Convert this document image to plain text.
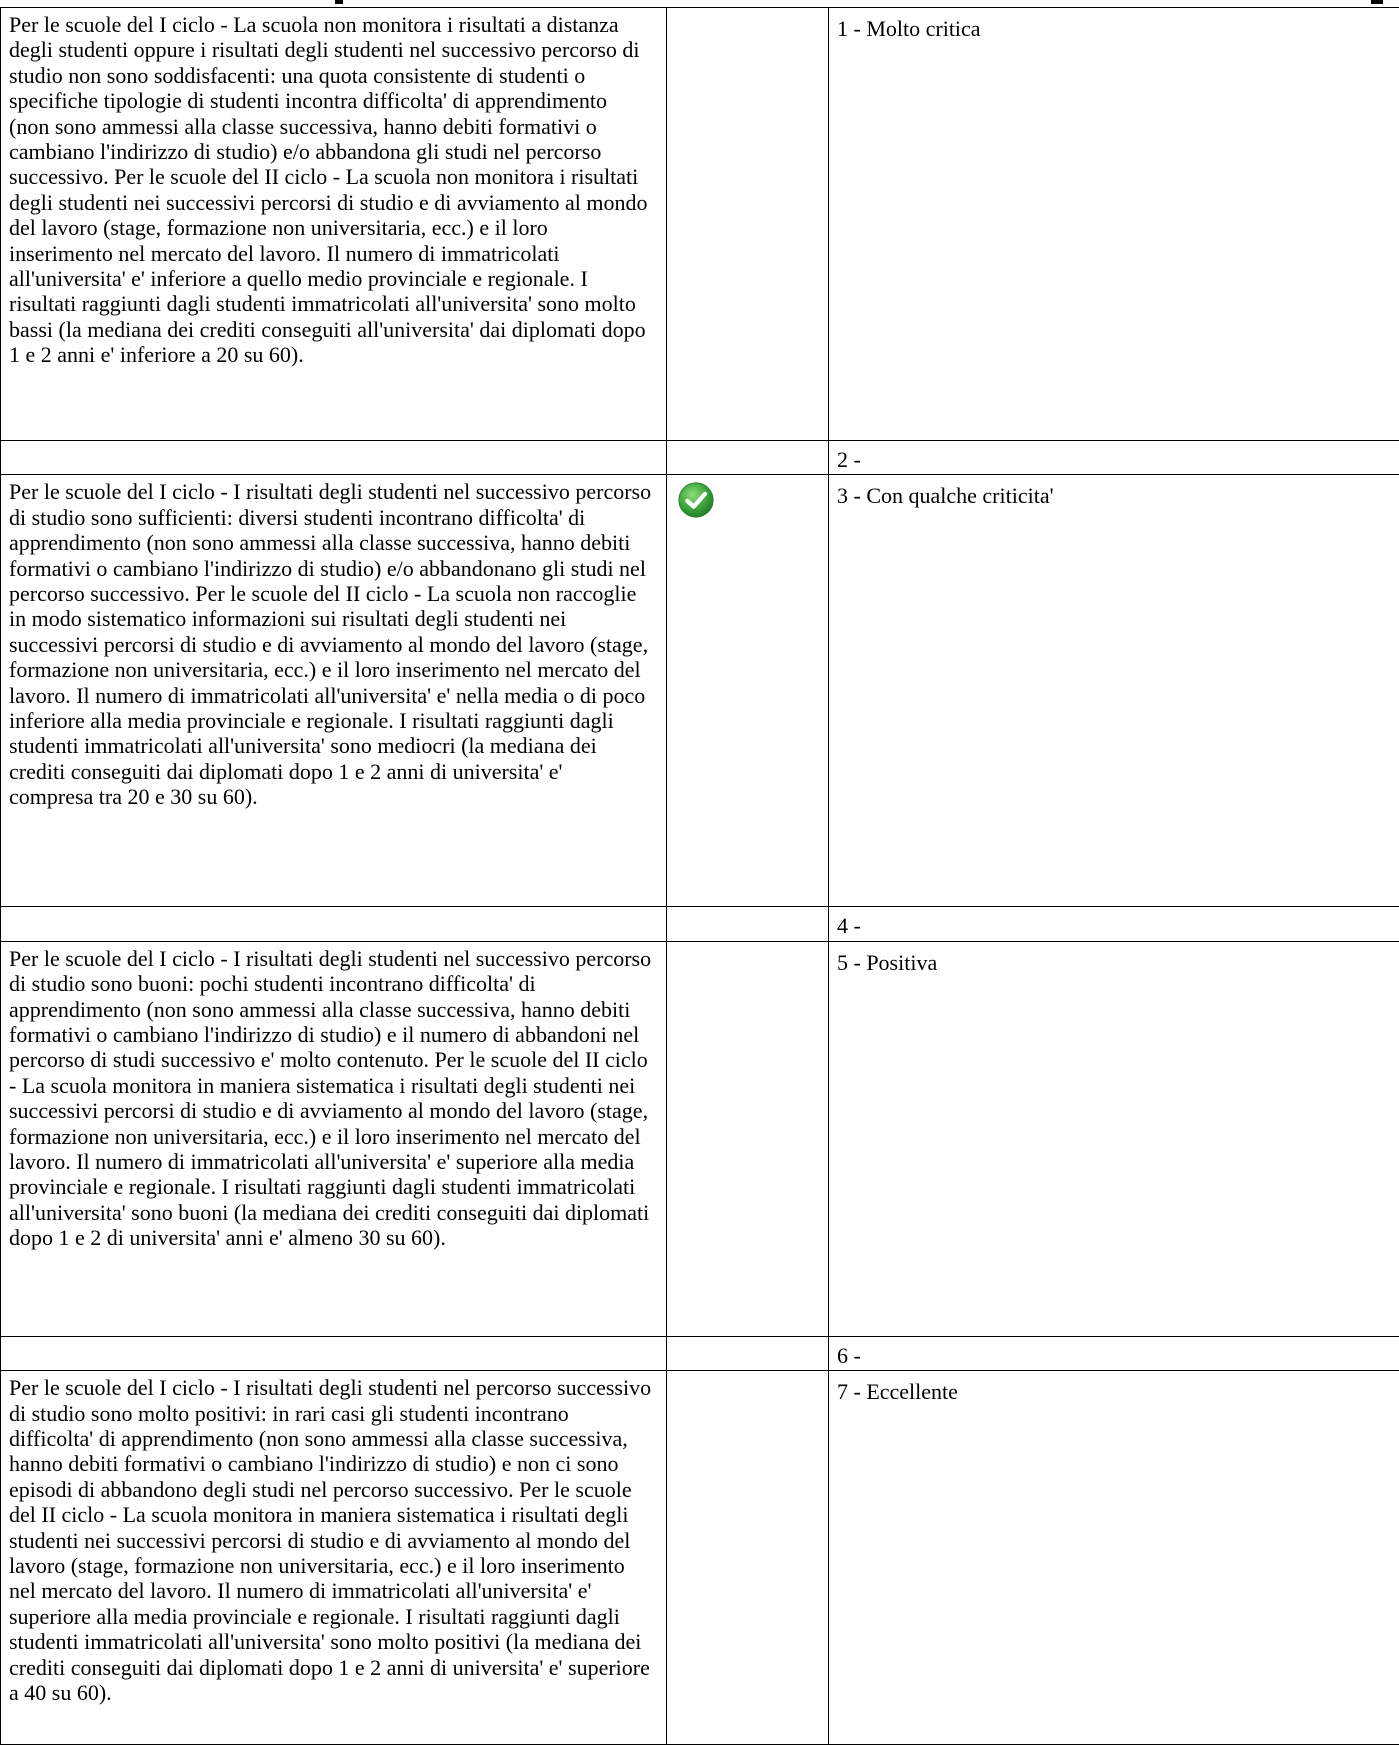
Per le scuole del I ciclo - La scuola non monitora i risultati a distanza degli studenti oppure i risultati degli studenti nel successivo percorso di studio non sono soddisfacenti: una quota consistente di studenti o specifiche tipologie di studenti incontra difficolta' di apprendimento (non sono ammessi alla classe successiva, hanno debiti formativi o cambiano l'indirizzo di studio) e/o abbandona gli studi nel percorso successivo. Per le scuole del II ciclo - La scuola non monitora i risultati degli studenti nei successivi percorsi di studio e di avviamento al mondo del lavoro (stage, formazione non universitaria, ecc.) e il loro inserimento nel mercato del lavoro. Il numero di immatricolati all'universita' e' inferiore a quello medio provinciale e regionale. I risultati raggiunti dagli studenti immatricolati all'universita' sono molto bassi (la mediana dei crediti conseguiti all'universita' dai diplomati dopo 1 e 2 anni e' inferiore a 20 su 60).		1 - Molto critica
		2 -
Per le scuole del I ciclo - I risultati degli studenti nel successivo percorso di studio sono sufficienti: diversi studenti incontrano difficolta' di apprendimento (non sono ammessi alla classe successiva, hanno debiti formativi o cambiano l'indirizzo di studio) e/o abbandonano gli studi nel percorso successivo. Per le scuole del II ciclo - La scuola non raccoglie in modo sistematico informazioni sui risultati degli studenti nei successivi percorsi di studio e di avviamento al mondo del lavoro (stage, formazione non universitaria, ecc.) e il loro inserimento nel mercato del lavoro. Il numero di immatricolati all'universita' e' nella media o di poco inferiore alla media provinciale e regionale. I risultati raggiunti dagli studenti immatricolati all'universita' sono mediocri (la mediana dei crediti conseguiti dai diplomati dopo 1 e 2 anni di universita' e' compresa tra 20 e 30 su 60).		3 - Con qualche criticita'
		4 -
Per le scuole del I ciclo - I risultati degli studenti nel successivo percorso di studio sono buoni: pochi studenti incontrano difficolta' di apprendimento (non sono ammessi alla classe successiva, hanno debiti formativi o cambiano l'indirizzo di studio) e il numero di abbandoni nel percorso di studi successivo e' molto contenuto. Per le scuole del II ciclo - La scuola monitora in maniera sistematica i risultati degli studenti nei successivi percorsi di studio e di avviamento al mondo del lavoro (stage, formazione non universitaria, ecc.) e il loro inserimento nel mercato del lavoro. Il numero di immatricolati all'universita' e' superiore alla media provinciale e regionale. I risultati raggiunti dagli studenti immatricolati all'universita' sono buoni (la mediana dei crediti conseguiti dai diplomati dopo 1 e 2 di universita' anni e' almeno 30 su 60).		5 - Positiva
		6 -
Per le scuole del I ciclo - I risultati degli studenti nel percorso successivo di studio sono molto positivi: in rari casi gli studenti incontrano difficolta' di apprendimento (non sono ammessi alla classe successiva, hanno debiti formativi o cambiano l'indirizzo di studio) e non ci sono episodi di abbandono degli studi nel percorso successivo. Per le scuole del II ciclo - La scuola monitora in maniera sistematica i risultati degli studenti nei successivi percorsi di studio e di avviamento al mondo del lavoro (stage, formazione non universitaria, ecc.) e il loro inserimento nel mercato del lavoro. Il numero di immatricolati all'universita' e' superiore alla media provinciale e regionale. I risultati raggiunti dagli studenti immatricolati all'universita' sono molto positivi (la mediana dei crediti conseguiti dai diplomati dopo 1 e 2 anni di universita' e' superiore a 40 su 60).		7 - Eccellente
